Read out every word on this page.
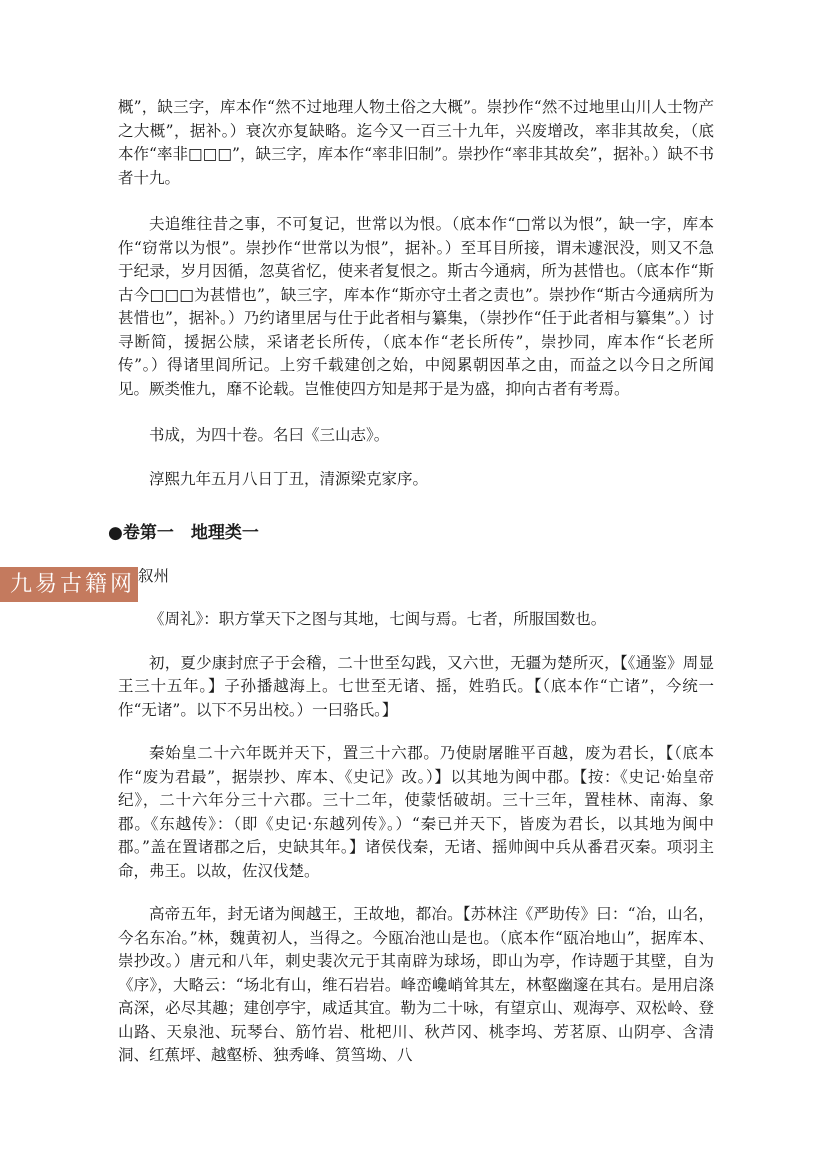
概”，缺三字，库本作“然不过地理人物土俗之大概”。崇抄作“然不过地里山川人士物产之大概”，据补。）衰次亦复缺略。迄今又一百三十九年，兴废增改，率非其故矣，（底本作“率非□□□”，缺三字，库本作“率非旧制”。崇抄作“率非其故矣”，据补。）缺不书者十九。

夫追维往昔之事，不可复记，世常以为恨。（底本作“□常以为恨”，缺一字，库本作“窃常以为恨”。崇抄作“世常以为恨”，据补。）至耳目所接，谓未遽泯没，则又不急于纪录，岁月因循，忽莫省忆，使来者复恨之。斯古今通病，所为甚惜也。（底本作“斯古今□□□为甚惜也”，缺三字，库本作“斯亦守土者之责也”。崇抄作“斯古今通病所为甚惜也”，据补。）乃约诸里居与仕于此者相与纂集，（崇抄作“任于此者相与纂集”。）讨寻断简，援据公牍，采诸老长所传，（底本作“老长所传”，崇抄同，库本作“长老所传”。）得诸里闾所记。上穷千载建创之始，中阅累朝因革之由，而益之以今日之所闻见。厥类惟九，靡不论载。岂惟使四方知是邦于是为盛，抑向古者有考焉。

书成，为四十卷。名曰《三山志》。

淳熙九年五月八日丁丑，清源梁克家序。

●卷第一　地理类一
叙州

《周礼》：职方掌天下之图与其地，七闽与焉。七者，所服国数也。

初，夏少康封庶子于会稽，二十世至勾践，又六世，无疆为楚所灭，【《通鉴》周显王三十五年。】子孙播越海上。七世至无诸、摇，姓驺氏。【（底本作“亡诸”，今统一作“无诸”。以下不另出校。）一曰骆氏。】

秦始皇二十六年既并天下，置三十六郡。乃使尉屠睢平百越，废为君长，【（底本作“废为君最”，据崇抄、库本、《史记》改。）】以其地为闽中郡。【按：《史记·始皇帝纪》，二十六年分三十六郡。三十二年，使蒙恬破胡。三十三年，置桂林、南海、象郡。《东越传》：（即《史记·东越列传》。）“秦已并天下，皆废为君长，以其地为闽中郡。”盖在置诸郡之后，史缺其年。】诸侯伐秦，无诸、摇帅闽中兵从番君灭秦。项羽主命，弗王。以故，佐汉伐楚。

高帝五年，封无诸为闽越王，王故地，都冶。【苏林注《严助传》曰：“冶，山名，今名东冶。”林，魏黄初人，当得之。今瓯冶池山是也。（底本作“瓯冶地山”，据库本、崇抄改。）唐元和八年，刺史裴次元于其南辟为球场，即山为亭，作诗题于其壁，自为《序》，大略云：“场北有山，维石岩岩。峰峦巉峭耸其左，林壑幽邃在其右。是用启涤高深，必尽其趣；建创亭宇，咸适其宜。勒为二十咏，有望京山、观海亭、双松岭、登山路、天泉池、玩琴台、筋竹岩、枇杷川、秋芦冈、桃李坞、芳茗原、山阴亭、含清洞、红蕉坪、越壑桥、独秀峰、筼筜坳、八

九易古籍网
